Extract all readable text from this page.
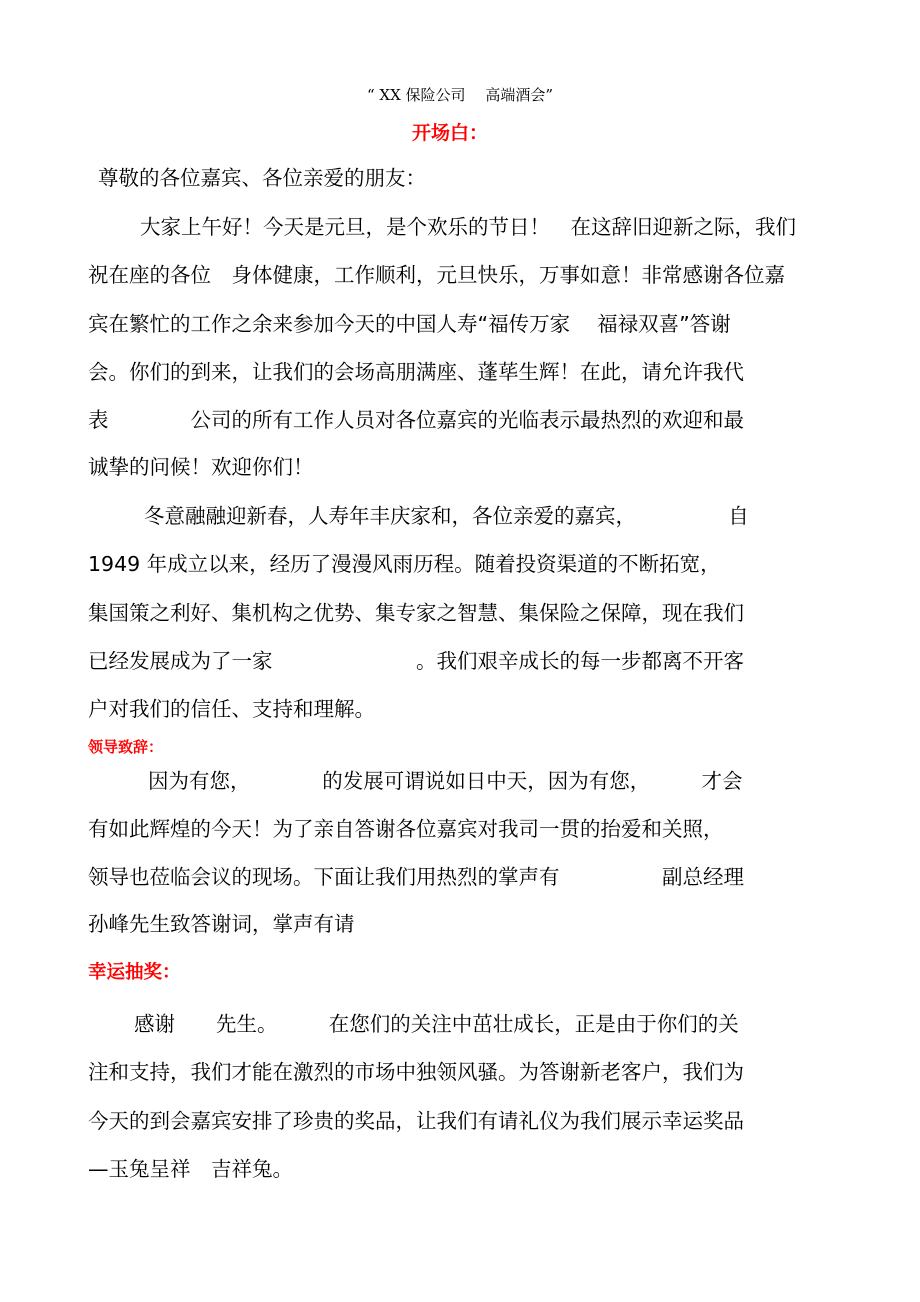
“ XX 保险公司　 高端酒会”
开场白：
尊敬的各位嘉宾、各位亲爱的朋友：
大家上午好！今天是元旦，是个欢乐的节日！　在这辞旧迎新之际，我们
祝在座的各位　身体健康，工作顺利，元旦快乐，万事如意！非常感谢各位嘉
宾在繁忙的工作之余来参加今天的中国人寿“福传万家　 福禄双喜”答谢
会。你们的到来，让我们的会场高朋满座、蓬荜生辉！在此，请允许我代
表　　　　公司的所有工作人员对各位嘉宾的光临表示最热烈的欢迎和最
诚挚的问候！欢迎你们！
冬意融融迎新春，人寿年丰庆家和，各位亲爱的嘉宾，　　　　　自
1949 年成立以来，经历了漫漫风雨历程。随着投资渠道的不断拓宽，
集国策之利好、集机构之优势、集专家之智慧、集保险之保障，现在我们
已经发展成为了一家　　　　　　　。我们艰辛成长的每一步都离不开客
户对我们的信任、支持和理解。
领导致辞：
因为有您，　　　　的发展可谓说如日中天，因为有您，　　　才会
有如此辉煌的今天！为了亲自答谢各位嘉宾对我司一贯的抬爱和关照，
领导也莅临会议的现场。下面让我们用热烈的掌声有　　　　　副总经理
孙峰先生致答谢词，掌声有请
幸运抽奖：
感谢　　先生。　　　在您们的关注中茁壮成长，正是由于你们的关
注和支持，我们才能在激烈的市场中独领风骚。为答谢新老客户，我们为
今天的到会嘉宾安排了珍贵的奖品，让我们有请礼仪为我们展示幸运奖品
—玉兔呈祥　吉祥兔。
